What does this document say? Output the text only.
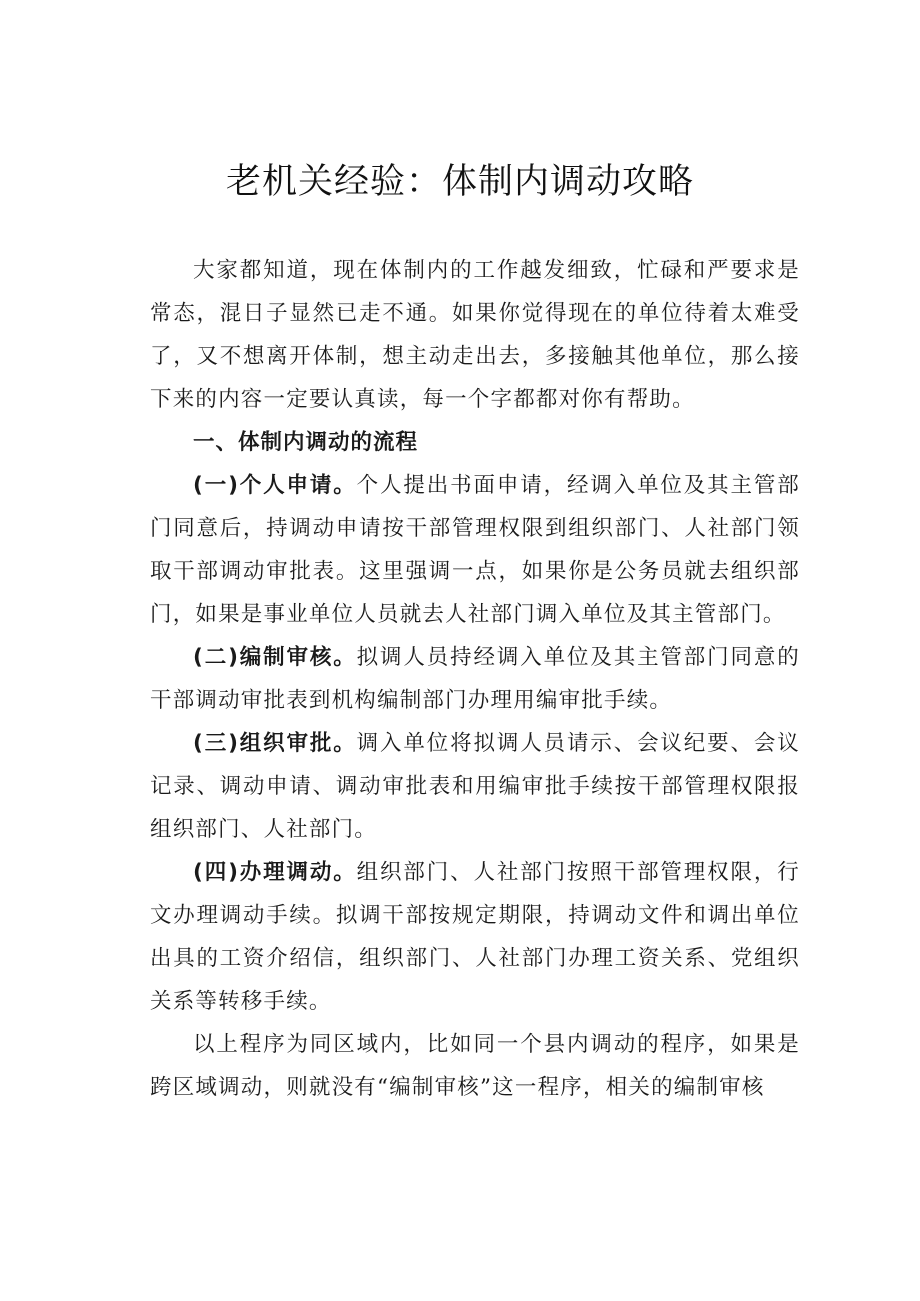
老机关经验：体制内调动攻略

大家都知道，现在体制内的工作越发细致，忙碌和严要求是常态，混日子显然已走不通。如果你觉得现在的单位待着太难受了，又不想离开体制，想主动走出去，多接触其他单位，那么接下来的内容一定要认真读，每一个字都都对你有帮助。

一、体制内调动的流程

(一)个人申请。个人提出书面申请，经调入单位及其主管部门同意后，持调动申请按干部管理权限到组织部门、人社部门领取干部调动审批表。这里强调一点，如果你是公务员就去组织部门，如果是事业单位人员就去人社部门调入单位及其主管部门。

(二)编制审核。拟调人员持经调入单位及其主管部门同意的干部调动审批表到机构编制部门办理用编审批手续。

(三)组织审批。调入单位将拟调人员请示、会议纪要、会议记录、调动申请、调动审批表和用编审批手续按干部管理权限报组织部门、人社部门。

(四)办理调动。组织部门、人社部门按照干部管理权限，行文办理调动手续。拟调干部按规定期限，持调动文件和调出单位出具的工资介绍信，组织部门、人社部门办理工资关系、党组织关系等转移手续。

以上程序为同区域内，比如同一个县内调动的程序，如果是跨区域调动，则就没有“编制审核”这一程序，相关的编制审核
